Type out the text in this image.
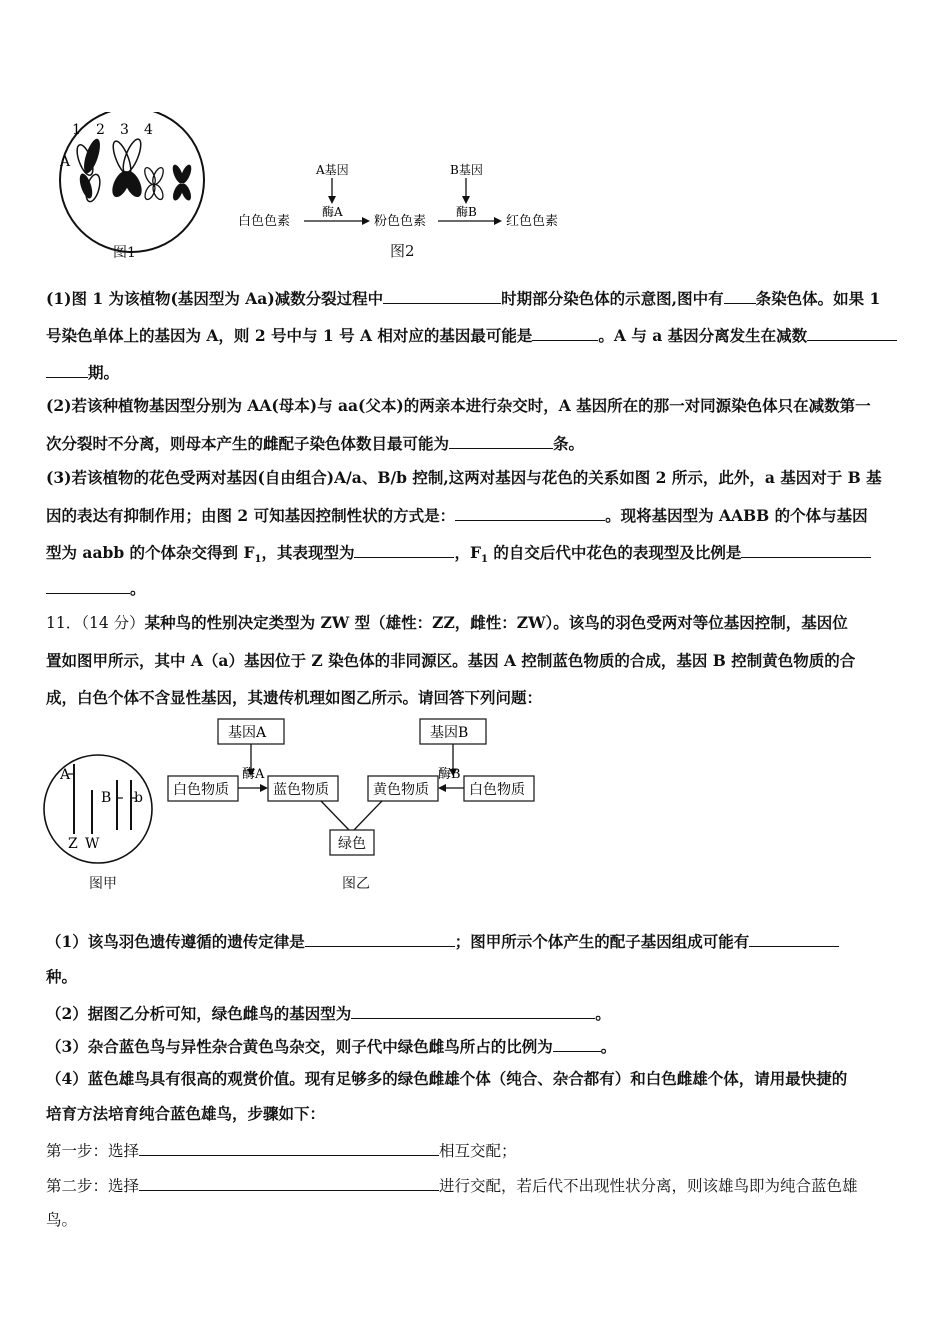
1 2 3 4
A
图1
A基因
酶A
B基因
酶B
白色色素	粉色色素	红色色素
图2
(1)图 1 为该植物(基因型为 Aa)减数分裂过程中	时期部分染色体的示意图,图中有 条染色体。如果 1
号染色单体上的基因为 A，则 2 号中与 1 号 A 相对应的基因最可能是	。A 与 a 基因分离发生在减数
期。
(2)若该种植物基因型分别为 AA(母本)与 aa(父本)的两亲本进行杂交时，A 基因所在的那一对同源染色体只在减数第一
次分裂时不分离，则母本产生的雌配子染色体数目最可能为	条。
(3)若该植物的花色受两对基因(自由组合)A/a、B/b 控制,这两对基因与花色的关系如图 2 所示，此外，a 基因对于 B 基
因的表达有抑制作用；由图 2 可知基因控制性状的方式是：	。现将基因型为 AABB 的个体与基因
型为 aabb 的个体杂交得到 $F_1$，其表现型为	，$F_1$ 的自交后代中花色的表现型及比例是
。
11．（14 分）某种鸟的性别决定类型为 ZW 型（雄性：ZZ，雌性：ZW）。该鸟的羽色受两对等位基因控制，基因位
置如图甲所示，其中 A（a）基因位于 Z 染色体的非同源区。基因 A 控制蓝色物质的合成，基因 B 控制黄色物质的合
成，白色个体不含显性基因，其遗传机理如图乙所示。请回答下列问题：
A
B b
Z W
图甲
基因A
酶A
基因B
酶B
白色物质	蓝色物质	黄色物质	白色物质
绿色
图乙
（1）该鸟羽色遗传遵循的遗传定律是	；图甲所示个体产生的配子基因组成可能有
种。
（2）据图乙分析可知，绿色雌鸟的基因型为	。
（3）杂合蓝色鸟与异性杂合黄色鸟杂交，则子代中绿色雌鸟所占的比例为	。
（4）蓝色雄鸟具有很高的观赏价值。现有足够多的绿色雌雄个体（纯合、杂合都有）和白色雌雄个体，请用最快捷的
培育方法培育纯合蓝色雄鸟，步骤如下：
第一步：选择	相互交配；
第二步：选择	进行交配，若后代不出现性状分离，则该雄鸟即为纯合蓝色雄
鸟。
